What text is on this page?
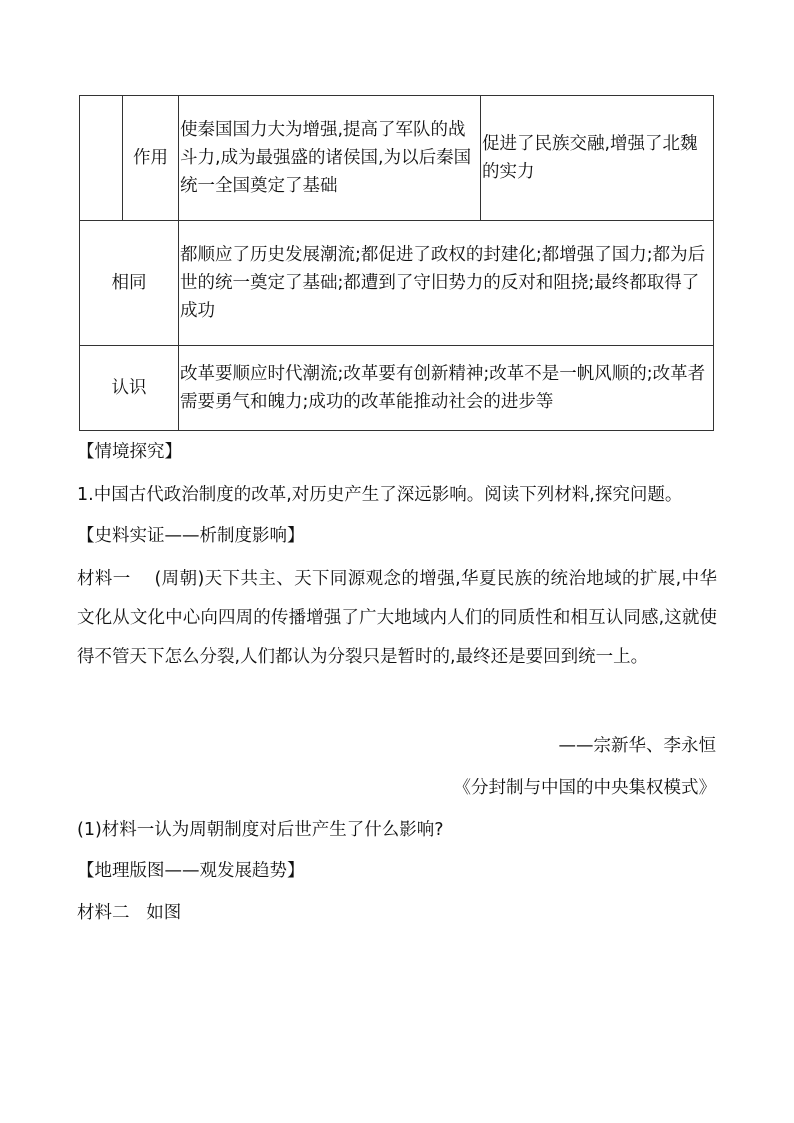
	作用	使秦国国力大为增强,提高了军队的战斗力,成为最强盛的诸侯国,为以后秦国统一全国奠定了基础	促进了民族交融,增强了北魏的实力
相同		都顺应了历史发展潮流;都促进了政权的封建化;都增强了国力;都为后世的统一奠定了基础;都遭到了守旧势力的反对和阻挠;最终都取得了成功	
认识		改革要顺应时代潮流;改革要有创新精神;改革不是一帆风顺的;改革者需要勇气和魄力;成功的改革能推动社会的进步等	

【情境探究】

1.中国古代政治制度的改革,对历史产生了深远影响。阅读下列材料,探究问题。

【史料实证——析制度影响】

材料一 (周朝)天下共主、天下同源观念的增强,华夏民族的统治地域的扩展,中华文化从文化中心向四周的传播增强了广大地域内人们的同质性和相互认同感,这就使得不管天下怎么分裂,人们都认为分裂只是暂时的,最终还是要回到统一上。

——宗新华、李永恒

《分封制与中国的中央集权模式》

(1)材料一认为周朝制度对后世产生了什么影响?

【地理版图——观发展趋势】

材料二 如图
